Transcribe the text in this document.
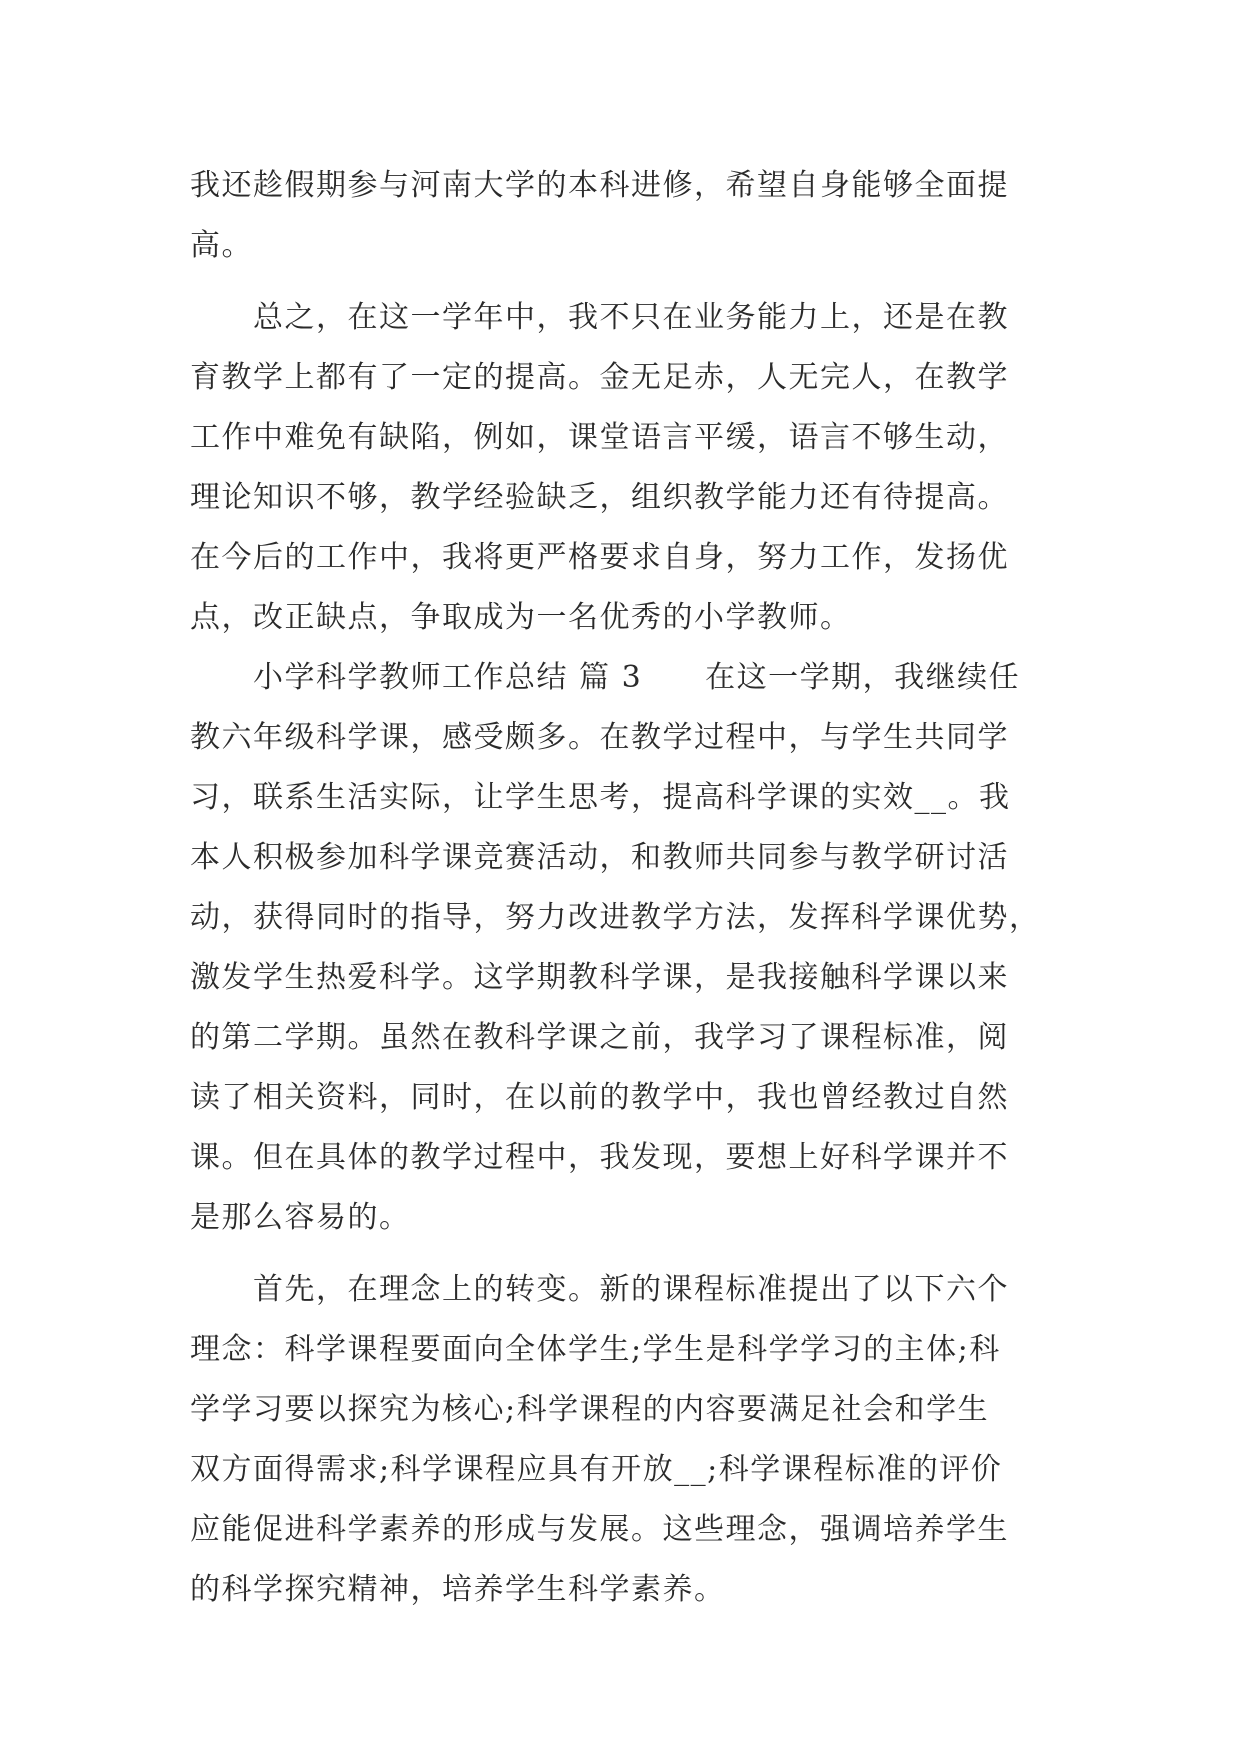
我还趁假期参与河南大学的本科进修，希望自身能够全面提
高。
　　总之，在这一学年中，我不只在业务能力上，还是在教
育教学上都有了一定的提高。金无足赤，人无完人，在教学
工作中难免有缺陷，例如，课堂语言平缓，语言不够生动，
理论知识不够，教学经验缺乏，组织教学能力还有待提高。
在今后的工作中，我将更严格要求自身，努力工作，发扬优
点，改正缺点，争取成为一名优秀的小学教师。
　　小学科学教师工作总结 篇 3　　在这一学期，我继续任
教六年级科学课，感受颇多。在教学过程中，与学生共同学
习，联系生活实际，让学生思考，提高科学课的实效__。我
本人积极参加科学课竞赛活动，和教师共同参与教学研讨活
动，获得同时的指导，努力改进教学方法，发挥科学课优势，
激发学生热爱科学。这学期教科学课，是我接触科学课以来
的第二学期。虽然在教科学课之前，我学习了课程标准，阅
读了相关资料，同时，在以前的教学中，我也曾经教过自然
课。但在具体的教学过程中，我发现，要想上好科学课并不
是那么容易的。
　　首先，在理念上的转变。新的课程标准提出了以下六个
理念：科学课程要面向全体学生;学生是科学学习的主体;科
学学习要以探究为核心;科学课程的内容要满足社会和学生
双方面得需求;科学课程应具有开放__;科学课程标准的评价
应能促进科学素养的形成与发展。这些理念，强调培养学生
的科学探究精神，培养学生科学素养。
